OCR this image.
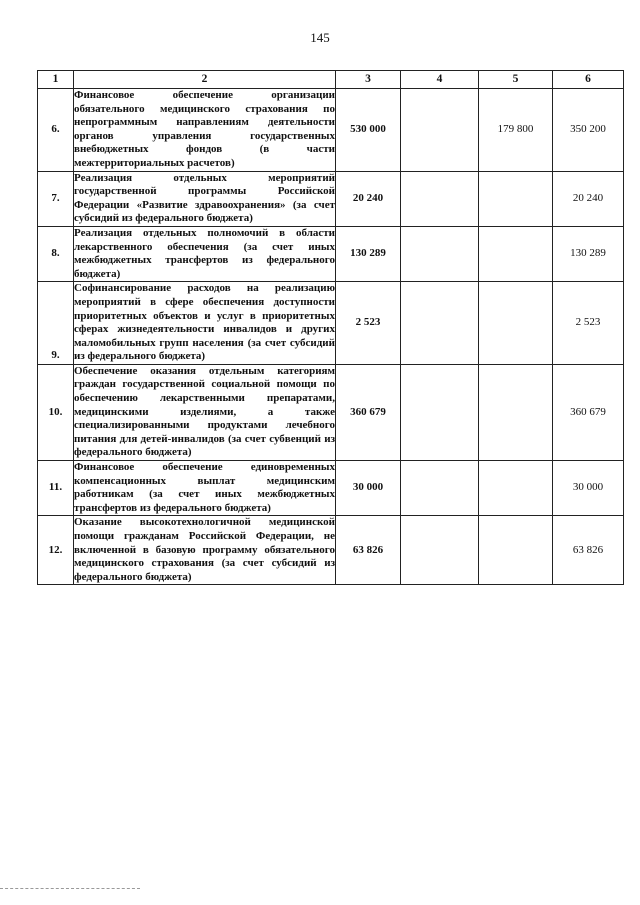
145
1	2	3	4	5	6
6.	Финансовое обеспечение организации обязательного медицинского страхования по непрограммным направлениям деятельности органов управления государственных внебюджетных фондов (в части межтерриториальных расчетов)	530 000		179 800	350 200
7.	Реализация отдельных мероприятий государственной программы Российской Федерации «Развитие здравоохранения» (за счет субсидий из федерального бюджета)	20 240			20 240
8.	Реализация отдельных полномочий в области лекарственного обеспечения (за счет иных межбюджетных трансфертов из федерального бюджета)	130 289			130 289
9.	Софинансирование расходов на реализацию мероприятий в сфере обеспечения доступности приоритетных объектов и услуг в приоритетных сферах жизнедеятельности инвалидов и других маломобильных групп населения (за счет субсидий из федерального бюджета)	2 523			2 523
10.	Обеспечение оказания отдельным категориям граждан государственной социальной помощи по обеспечению лекарственными препаратами, медицинскими изделиями, а также специализированными продуктами лечебного питания для детей-инвалидов (за счет субвенций из федерального бюджета)	360 679			360 679
11.	Финансовое обеспечение единовременных компенсационных выплат медицинским работникам (за счет иных межбюджетных трансфертов из федерального бюджета)	30 000			30 000
12.	Оказание высокотехнологичной медицинской помощи гражданам Российской Федерации, не включенной в базовую программу обязательного медицинского страхования (за счет субсидий из федерального бюджета)	63 826			63 826
